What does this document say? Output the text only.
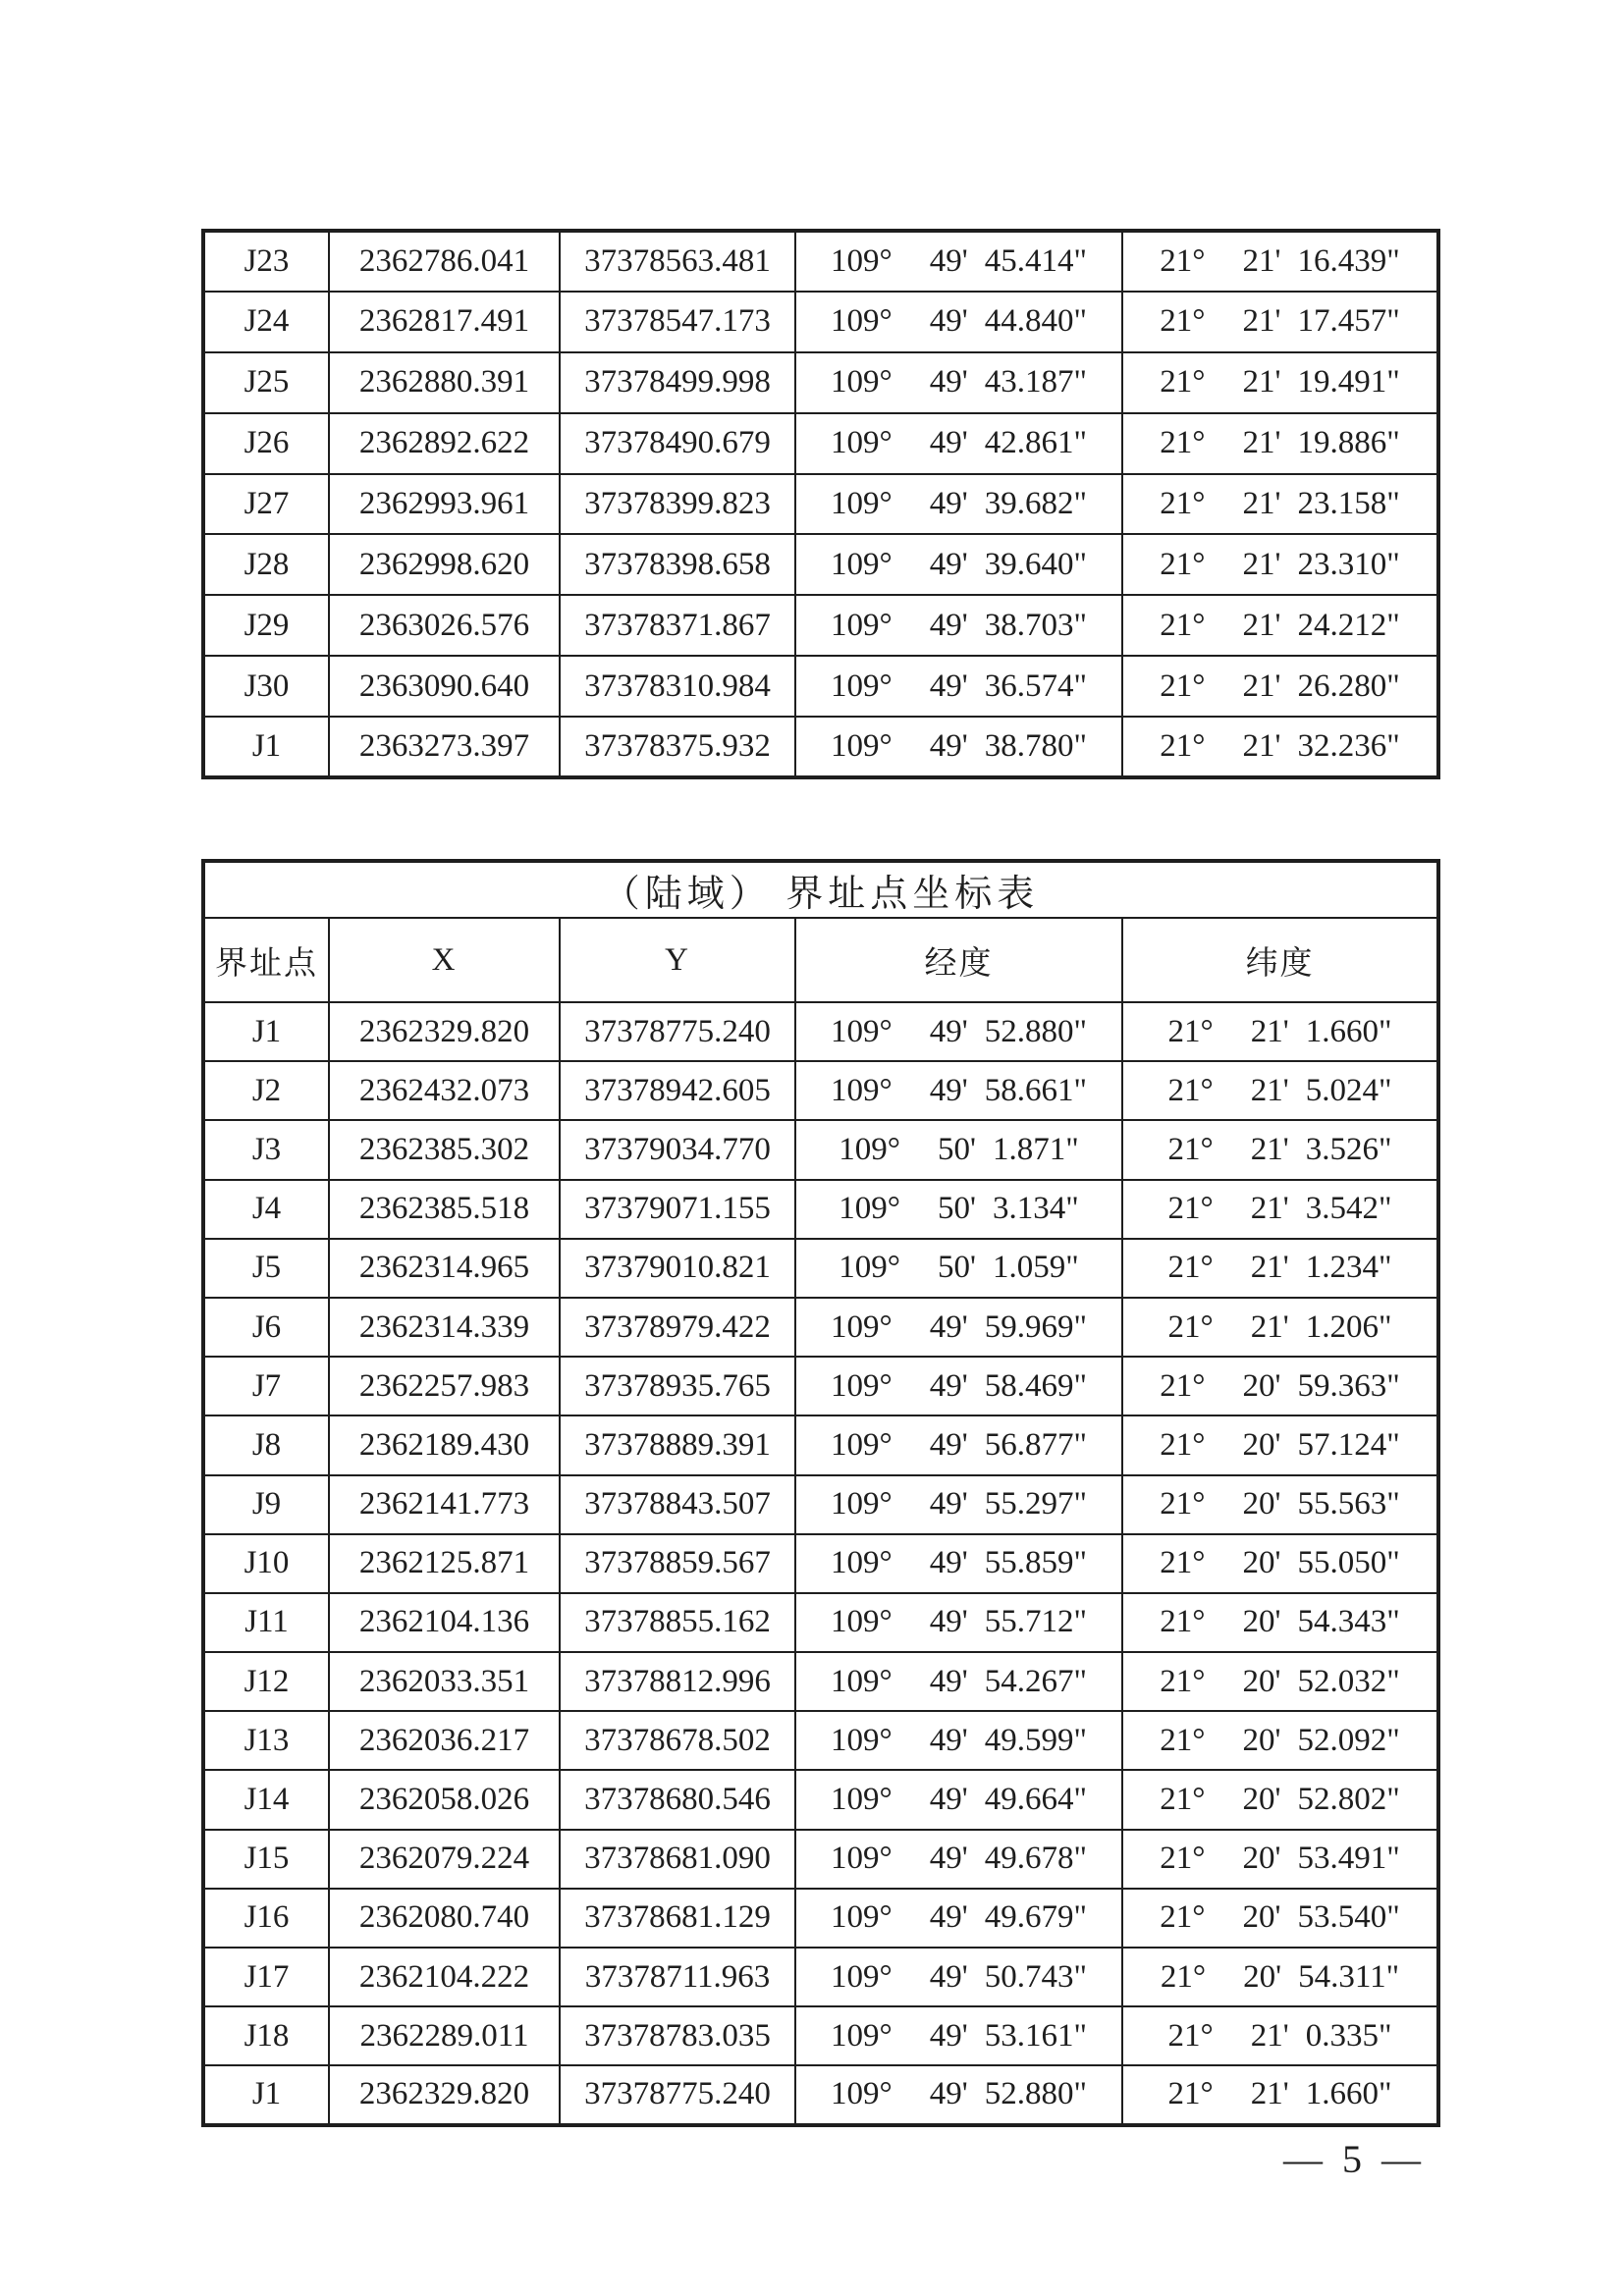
J23	2362786.041	37378563.481	109° 49' 45.414"	21° 21' 16.439"

J24	2362817.491	37378547.173	109° 49' 44.840"	21° 21' 17.457"

J25	2362880.391	37378499.998	109° 49' 43.187"	21° 21' 19.491"

J26	2362892.622	37378490.679	109° 49' 42.861"	21° 21' 19.886"

J27	2362993.961	37378399.823	109° 49' 39.682"	21° 21' 23.158"

J28	2362998.620	37378398.658	109° 49' 39.640"	21° 21' 23.310"

J29	2363026.576	37378371.867	109° 49' 38.703"	21° 21' 24.212"

J30	2363090.640	37378310.984	109° 49' 36.574"	21° 21' 26.280"

J1	2363273.397	37378375.932	109° 49' 38.780"	21° 21' 32.236"
（陆域） 界址点坐标表				
界址点	X	Y	经度	纬度
J1	2362329.820	37378775.240	109° 49' 52.880"	21° 21' 1.660"

J2	2362432.073	37378942.605	109° 49' 58.661"	21° 21' 5.024"

J3	2362385.302	37379034.770	109° 50' 1.871"	21° 21' 3.526"

J4	2362385.518	37379071.155	109° 50' 3.134"	21° 21' 3.542"

J5	2362314.965	37379010.821	109° 50' 1.059"	21° 21' 1.234"

J6	2362314.339	37378979.422	109° 49' 59.969"	21° 21' 1.206"

J7	2362257.983	37378935.765	109° 49' 58.469"	21° 20' 59.363"

J8	2362189.430	37378889.391	109° 49' 56.877"	21° 20' 57.124"

J9	2362141.773	37378843.507	109° 49' 55.297"	21° 20' 55.563"

J10	2362125.871	37378859.567	109° 49' 55.859"	21° 20' 55.050"

J11	2362104.136	37378855.162	109° 49' 55.712"	21° 20' 54.343"

J12	2362033.351	37378812.996	109° 49' 54.267"	21° 20' 52.032"

J13	2362036.217	37378678.502	109° 49' 49.599"	21° 20' 52.092"

J14	2362058.026	37378680.546	109° 49' 49.664"	21° 20' 52.802"

J15	2362079.224	37378681.090	109° 49' 49.678"	21° 20' 53.491"

J16	2362080.740	37378681.129	109° 49' 49.679"	21° 20' 53.540"

J17	2362104.222	37378711.963	109° 49' 50.743"	21° 20' 54.311"

J18	2362289.011	37378783.035	109° 49' 53.161"	21° 21' 0.335"

J1	2362329.820	37378775.240	109° 49' 52.880"	21° 21' 1.660"
— 5 —
